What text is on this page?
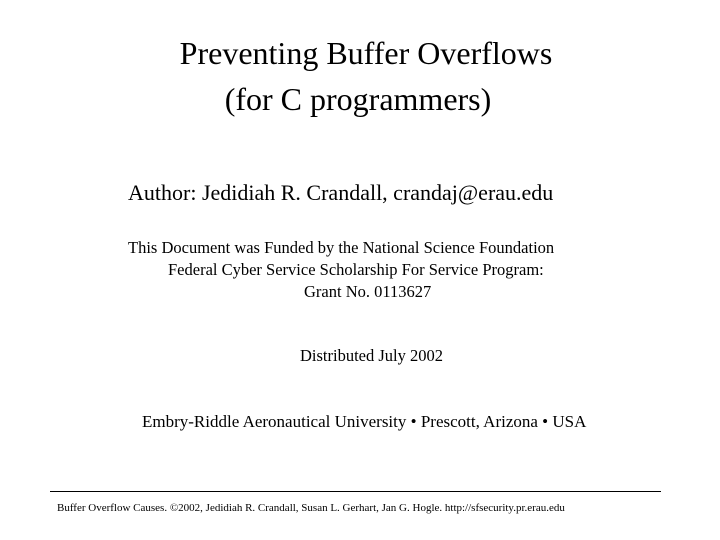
Preventing Buffer Overflows
(for C programmers)
Author: Jedidiah R. Crandall, crandaj@erau.edu
This Document was Funded by the National Science Foundation
Federal Cyber Service Scholarship For Service Program:
Grant No. 0113627
Distributed July 2002
Embry-Riddle Aeronautical University • Prescott, Arizona • USA
Buffer Overflow Causes. ©2002, Jedidiah R. Crandall, Susan L. Gerhart, Jan G. Hogle. http://sfsecurity.pr.erau.edu
